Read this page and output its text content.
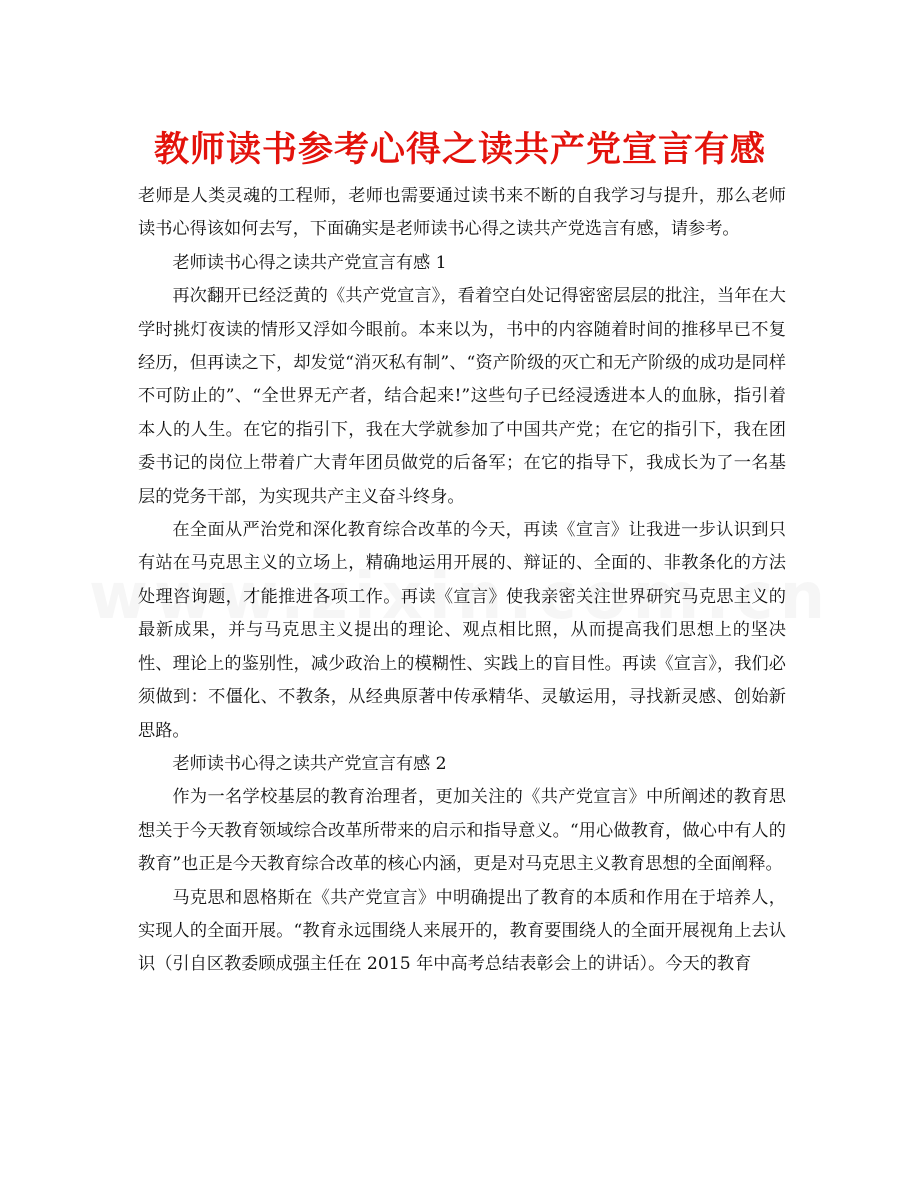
教师读书参考心得之读共产党宣言有感

老师是人类灵魂的工程师，老师也需要通过读书来不断的自我学习与提升，那么老师读书心得该如何去写，下面确实是老师读书心得之读共产党选言有感，请参考。

老师读书心得之读共产党宣言有感 1

再次翻开已经泛黄的《共产党宣言》，看着空白处记得密密层层的批注，当年在大学时挑灯夜读的情形又浮如今眼前。本来以为，书中的内容随着时间的推移早已不复经历，但再读之下，却发觉“消灭私有制”、“资产阶级的灭亡和无产阶级的成功是同样不可防止的”、“全世界无产者，结合起来!”这些句子已经浸透进本人的血脉，指引着本人的人生。在它的指引下，我在大学就参加了中国共产党；在它的指引下，我在团委书记的岗位上带着广大青年团员做党的后备军；在它的指导下，我成长为了一名基层的党务干部，为实现共产主义奋斗终身。

在全面从严治党和深化教育综合改革的今天，再读《宣言》让我进一步认识到只有站在马克思主义的立场上，精确地运用开展的、辩证的、全面的、非教条化的方法处理咨询题，才能推进各项工作。再读《宣言》使我亲密关注世界研究马克思主义的最新成果，并与马克思主义提出的理论、观点相比照，从而提高我们思想上的坚决性、理论上的鉴别性，减少政治上的模糊性、实践上的盲目性。再读《宣言》，我们必须做到：不僵化、不教条，从经典原著中传承精华、灵敏运用，寻找新灵感、创始新思路。

老师读书心得之读共产党宣言有感 2

作为一名学校基层的教育治理者，更加关注的《共产党宣言》中所阐述的教育思想关于今天教育领域综合改革所带来的启示和指导意义。“用心做教育，做心中有人的教育”也正是今天教育综合改革的核心内涵，更是对马克思主义教育思想的全面阐释。

马克思和恩格斯在《共产党宣言》中明确提出了教育的本质和作用在于培养人，实现人的全面开展。“教育永远围绕人来展开的，教育要围绕人的全面开展视角上去认识（引自区教委顾成强主任在 2015 年中高考总结表彰会上的讲话）。今天的教育
